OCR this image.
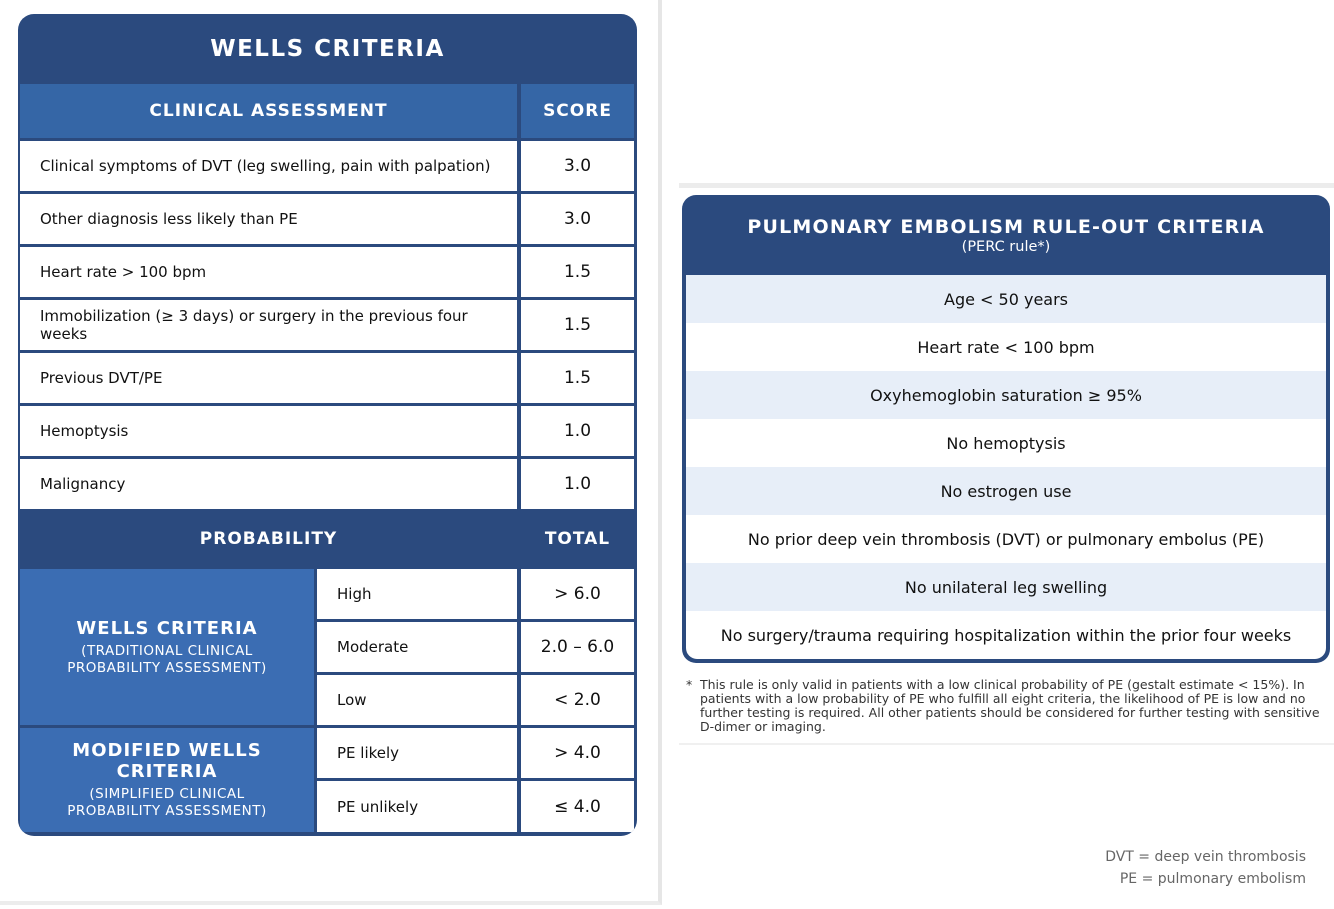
WELLS CRITERIA
CLINICAL ASSESSMENT	SCORE
Clinical symptoms of DVT (leg swelling, pain with palpation)	3.0
Other diagnosis less likely than PE	3.0
Heart rate > 100 bpm	1.5
Immobilization (≥ 3 days) or surgery in the previous four weeks	1.5
Previous DVT/PE	1.5
Hemoptysis	1.0
Malignancy	1.0
PROBABILITY	TOTAL
WELLS CRITERIA
(TRADITIONAL CLINICAL
PROBABILITY ASSESSMENT)
High	> 6.0
Moderate	2.0 – 6.0
Low	< 2.0
MODIFIED WELLS CRITERIA
(SIMPLIFIED CLINICAL
PROBABILITY ASSESSMENT)
PE likely	> 4.0
PE unlikely	≤ 4.0
DVT = deep vein thrombosis
PE = pulmonary embolism
PULMONARY EMBOLISM RULE-OUT CRITERIA
(PERC rule*)
Age < 50 years
Heart rate < 100 bpm
Oxyhemoglobin saturation ≥ 95%
No hemoptysis
No estrogen use
No prior deep vein thrombosis (DVT) or pulmonary embolus (PE)
No unilateral leg swelling
No surgery/trauma requiring hospitalization within the prior four weeks
* This rule is only valid in patients with a low clinical probability of PE (gestalt estimate < 15%). In patients with a low probability of PE who fulfill all eight criteria, the likelihood of PE is low and no further testing is required. All other patients should be considered for further testing with sensitive D-dimer or imaging.
